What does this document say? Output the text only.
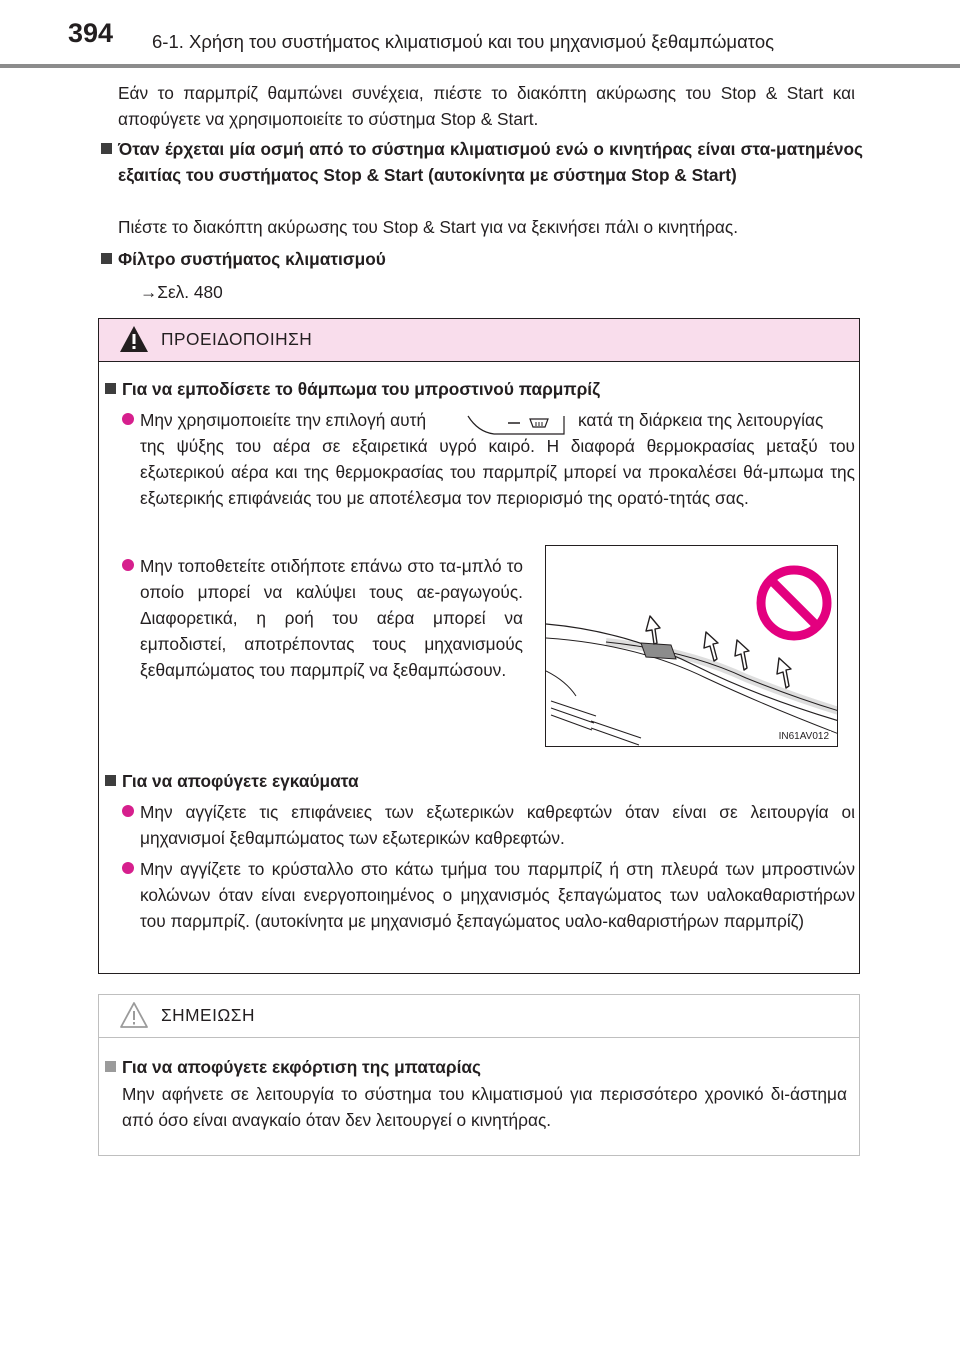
394 6-1. Χρήση του συστήματος κλιματισμού και του μηχανισμού ξεθαμπώματος

Εάν το παρμπρίζ θαμπώνει συνέχεια, πιέστε το διακόπτη ακύρωσης του Stop & Start και αποφύγετε να χρησιμοποιείτε το σύστημα Stop & Start.

Όταν έρχεται μία οσμή από το σύστημα κλιματισμού ενώ ο κινητήρας είναι στα-ματημένος εξαιτίας του συστήματος Stop & Start (αυτοκίνητα με σύστημα Stop & Start)

Πιέστε το διακόπτη ακύρωσης του Stop & Start για να ξεκινήσει πάλι ο κινητήρας.

Φίλτρο συστήματος κλιματισμού

→Σελ. 480

ΠΡΟΕΙΔΟΠΟΙΗΣΗ

Για να εμποδίσετε το θάμπωμα του μπροστινού παρμπρίζ

Μην χρησιμοποιείτε την επιλογή αυτή	κατά τη διάρκεια της λειτουργίας

της ψύξης του αέρα σε εξαιρετικά υγρό καιρό. Η διαφορά θερμοκρασίας μεταξύ του εξωτερικού αέρα και της θερμοκρασίας του παρμπρίζ μπορεί να προκαλέσει θά-μπωμα της εξωτερικής επιφάνειάς του με αποτέλεσμα τον περιορισμό της ορατό-τητάς σας.

Μην τοποθετείτε οτιδήποτε επάνω στο τα-μπλό το οποίο μπορεί να καλύψει τους αε-ραγωγούς. Διαφορετικά, η ροή του αέρα μπορεί να εμποδιστεί, αποτρέποντας τους μηχανισμούς ξεθαμπώματος του παρμπρίζ να ξεθαμπώσουν.

IN61AV012

Για να αποφύγετε εγκαύματα

Μην αγγίζετε τις επιφάνειες των εξωτερικών καθρεφτών όταν είναι σε λειτουργία οι μηχανισμοί ξεθαμπώματος των εξωτερικών καθρεφτών.

Μην αγγίζετε το κρύσταλλο στο κάτω τμήμα του παρμπρίζ ή στη πλευρά των μπροστινών κολώνων όταν είναι ενεργοποιημένος ο μηχανισμός ξεπαγώματος των υαλοκαθαριστήρων του παρμπρίζ. (αυτοκίνητα με μηχανισμό ξεπαγώματος υαλο-καθαριστήρων παρμπρίζ)

ΣΗΜΕΙΩΣΗ

Για να αποφύγετε εκφόρτιση της μπαταρίας

Μην αφήνετε σε λειτουργία το σύστημα του κλιματισμού για περισσότερο χρονικό δι-άστημα από όσο είναι αναγκαίο όταν δεν λειτουργεί ο κινητήρας.
